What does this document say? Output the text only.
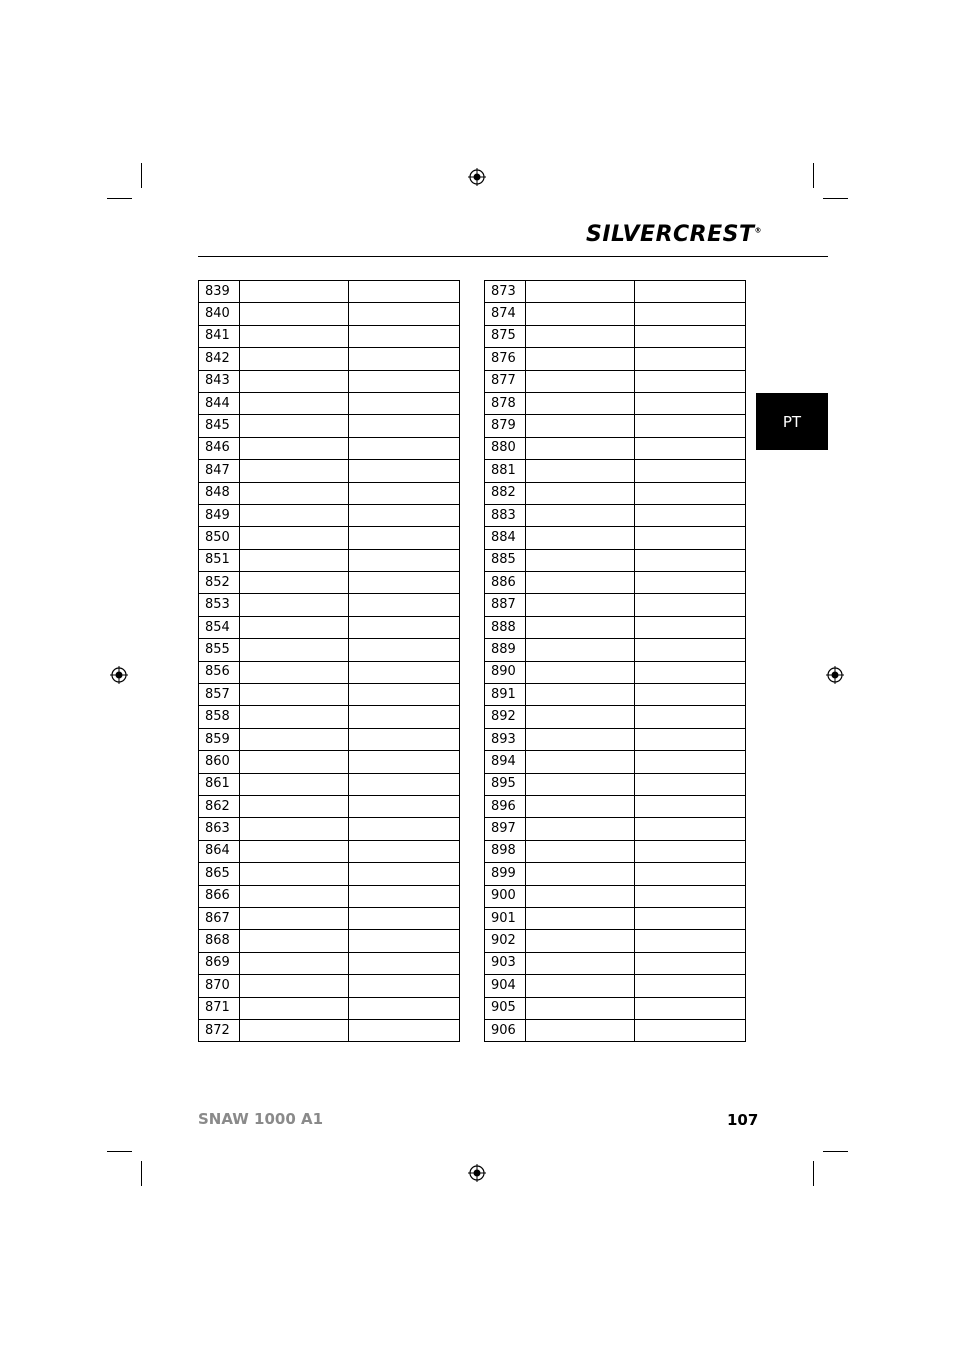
SILVERCREST®
PT
839		
840		
841		
842		
843		
844		
845		
846		
847		
848		
849		
850		
851		
852		
853		
854		
855		
856		
857		
858		
859		
860		
861		
862		
863		
864		
865		
866		
867		
868		
869		
870		
871		
872		
873		
874		
875		
876		
877		
878		
879		
880		
881		
882		
883		
884		
885		
886		
887		
888		
889		
890		
891		
892		
893		
894		
895		
896		
897		
898		
899		
900		
901		
902		
903		
904		
905		
906		
SNAW 1000 A1	107
